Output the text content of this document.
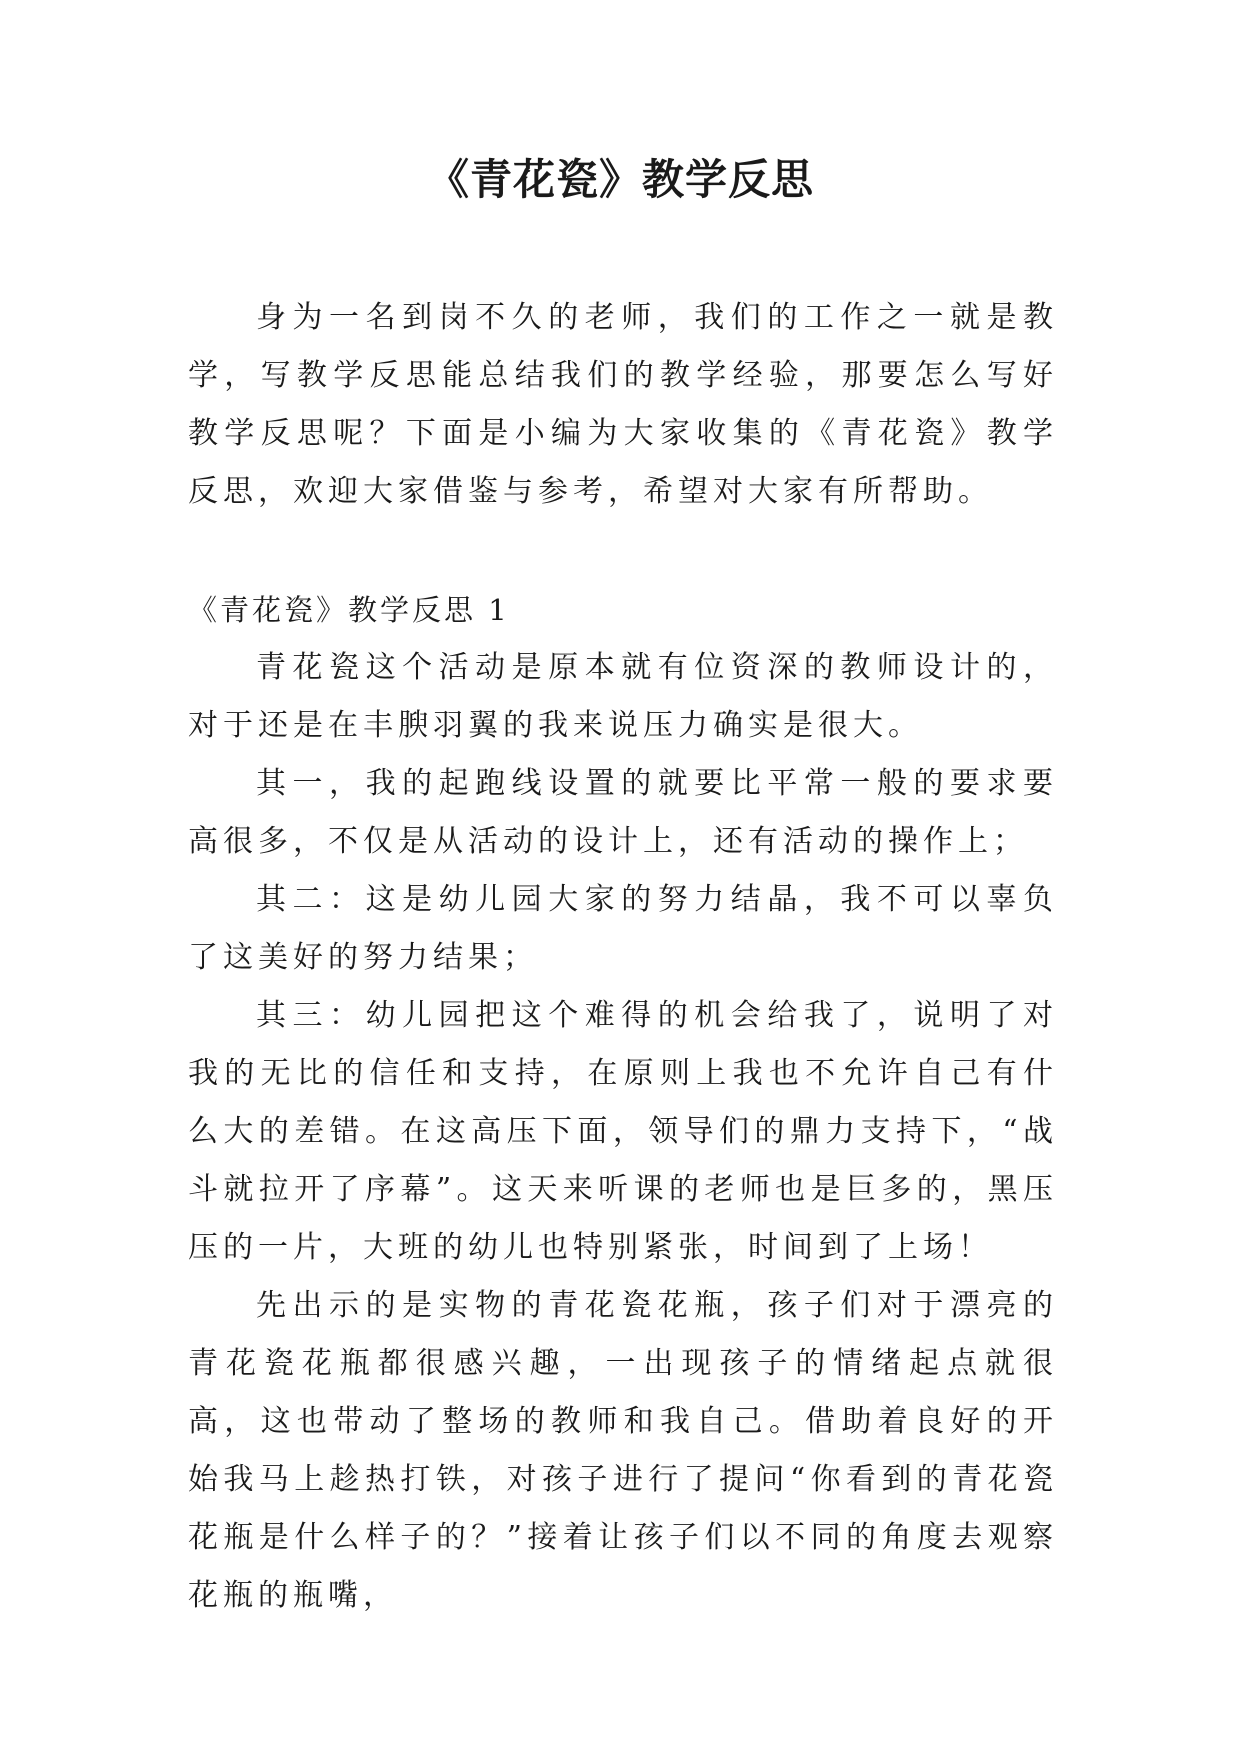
《青花瓷》教学反思

身为一名到岗不久的老师，我们的工作之一就是教学，写教学反思能总结我们的教学经验，那要怎么写好教学反思呢？下面是小编为大家收集的《青花瓷》教学反思，欢迎大家借鉴与参考，希望对大家有所帮助。

《青花瓷》教学反思 1

青花瓷这个活动是原本就有位资深的教师设计的，对于还是在丰腴羽翼的我来说压力确实是很大。

其一，我的起跑线设置的就要比平常一般的要求要高很多，不仅是从活动的设计上，还有活动的操作上；

其二：这是幼儿园大家的努力结晶，我不可以辜负了这美好的努力结果；

其三：幼儿园把这个难得的机会给我了，说明了对我的无比的信任和支持，在原则上我也不允许自己有什么大的差错。在这高压下面，领导们的鼎力支持下，“战斗就拉开了序幕”。这天来听课的老师也是巨多的，黑压压的一片，大班的幼儿也特别紧张，时间到了上场！

先出示的是实物的青花瓷花瓶，孩子们对于漂亮的青花瓷花瓶都很感兴趣，一出现孩子的情绪起点就很高，这也带动了整场的教师和我自己。借助着良好的开始我马上趁热打铁，对孩子进行了提问“你看到的青花瓷花瓶是什么样子的？”接着让孩子们以不同的角度去观察花瓶的瓶嘴，
